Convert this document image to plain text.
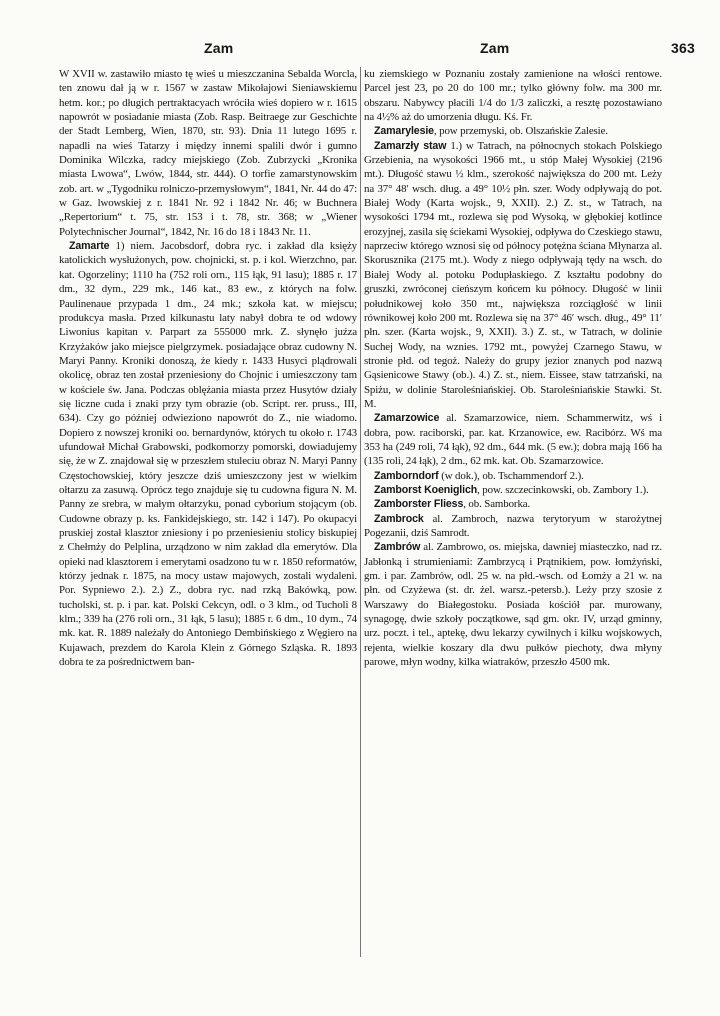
Zam	Zam	363

W XVII w. zastawiło miasto tę wieś u mieszczanina Sebalda Worcla, ten znowu dał ją w r. 1567 w zastaw Mikołajowi Sieniawskiemu hetm. kor.; po długich pertraktacyach wróciła wieś dopiero w r. 1615 napowrót w posiadanie miasta (Zob. Rasp. Beitraege zur Geschichte der Stadt Lemberg, Wien, 1870, str. 93). Dnia 11 lutego 1695 r. napadli na wieś Tatarzy i między innemi spalili dwór i gumno Dominika Wilczka, radcy miejskiego (Zob. Zubrzycki „Kronika miasta Lwowa“, Lwów, 1844, str. 444). O torfie zamarstynowskim zob. art. w „Tygodniku rolniczo-przemysłowym“, 1841, Nr. 44 do 47: w Gaz. lwowskiej z r. 1841 Nr. 92 i 1842 Nr. 46; w Buchnera „Repertorium“ t. 75, str. 153 i t. 78, str. 368; w „Wiener Polytechnischer Journal“, 1842, Nr. 16 do 18 i 1843 Nr. 11.

Zamarte 1) niem. Jacobsdorf, dobra ryc. i zakład dla księży katolickich wysłużonych, pow. chojnicki, st. p. i kol. Wierzchno, par. kat. Ogorzeliny; 1110 ha (752 roli orn., 115 łąk, 91 lasu); 1885 r. 17 dm., 32 dym., 229 mk., 146 kat., 83 ew., z których na folw. Paulinenaue przypada 1 dm., 24 mk.; szkoła kat. w miejscu; produkcya masła. Przed kilkunastu laty nabył dobra te od wdowy Liwonius kapitan v. Parpart za 555000 mrk. Z. słynęło juźza Krzyżaków jako miejsce pielgrzymek. posiadające obraz cudowny N. Maryi Panny. Kroniki donoszą, że kiedy r. 1433 Husyci plądrowali okolicę, obraz ten został przeniesiony do Chojnic i umieszczony tam w kościele św. Jana. Podczas oblężania miasta przez Husytów działy się liczne cuda i znaki przy tym obrazie (ob. Script. rer. pruss., III, 634). Czy go później odwieziono napowrót do Z., nie wiadomo. Dopiero z nowszej kroniki oo. bernardynów, których tu około r. 1743 ufundował Michał Grabowski, podkomorzy pomorski, dowiadujemy się, że w Z. znajdował się w przeszłem stuleciu obraz N. Maryi Panny Częstochowskiej, który jeszcze dziś umieszczony jest w wielkim ołtarzu za zasuwą. Oprócz tego znajduje się tu cudowna figura N. M. Panny ze srebra, w małym ołtarzyku, ponad cyborium stojącym (ob. Cudowne obrazy p. ks. Fankidejskiego, str. 142 i 147). Po okupacyi pruskiej został klasztor zniesiony i po przeniesieniu stolicy biskupiej z Chełmży do Pelplina, urządzono w nim zakład dla emerytów. Dla opieki nad klasztorem i emerytami osadzono tu w r. 1850 reformatów, którzy jednak r. 1875, na mocy ustaw majowych, zostali wydaleni. Por. Sypniewo 2.). 2.) Z., dobra ryc. nad rzką Bakówką, pow. tucholski, st. p. i par. kat. Polski Cekcyn, odl. o 3 klm., od Tucholi 8 klm.; 339 ha (276 roli orn., 31 łąk, 5 lasu); 1885 r. 6 dm., 10 dym., 74 mk. kat. R. 1889 należały do Antoniego Dembińskiego z Węgiero na Kujawach, prezdem do Karola Klein z Górnego Szląska. R. 1893 dobra te za pośrednictwem ban-

ku ziemskiego w Poznaniu zostały zamienione na włości rentowe. Parcel jest 23, po 20 do 100 mr.; tylko główny folw. ma 300 mr. obszaru. Nabywcy płacili 1/4 do 1/3 zaliczki, a resztę pozostawiano na 4½% aż do umorzenia długu. Kś. Fr.

Zamarylesie, pow przemyski, ob. Olszańskie Zalesie.

Zamarzły staw 1.) w Tatrach, na północnych stokach Polskiego Grzebienia, na wysokości 1966 mt., u stóp Małej Wysokiej (2196 mt.). Długość stawu ½ klm., szerokość największa do 200 mt. Leży na 37° 48′ wsch. dług. a 49° 10½ płn. szer. Wody odpływają do pot. Białej Wody (Karta wojsk., 9, XXII). 2.) Z. st., w Tatrach, na wysokości 1794 mt., rozlewa się pod Wysoką, w głębokiej kotlince erozyjnej, zasila się ściekami Wysokiej, odpływa do Czeskiego stawu, naprzeciw którego wznosi się od północy potężna ściana Młynarza al. Skorusznika (2175 mt.). Wody z niego odpływają tędy na wsch. do Białej Wody al. potoku Podupłaskiego. Z kształtu podobny do gruszki, zwróconej cieńszym końcem ku północy. Długość w linii południkowej koło 350 mt., największa rozciągłość w linii równikowej koło 200 mt. Rozlewa się na 37° 46′ wsch. dług., 49° 11′ płn. szer. (Karta wojsk., 9, XXII). 3.) Z. st., w Tatrach, w dolinie Suchej Wody, na wznies. 1792 mt., powyżej Czarnego Stawu, w stronie płd. od tegoż. Należy do grupy jezior znanych pod nazwą Gąsienicowe Stawy (ob.). 4.) Z. st., niem. Eissee, staw tatrzański, na Spiżu, w dolinie Staroleśniańskiej. Ob. Staroleśniańskie Stawki. St. M.

Zamarzowice al. Szamarzowice, niem. Schammerwitz, wś i dobra, pow. raciborski, par. kat. Krzanowice, ew. Racibórz. Wś ma 353 ha (249 roli, 74 łąk), 92 dm., 644 mk. (5 ew.); dobra mają 166 ha (135 roli, 24 łąk), 2 dm., 62 mk. kat. Ob. Szamarzowice.

Zamborndorf (w dok.), ob. Tschammendorf 2.).

Zamborst Koeniglich, pow. szczecinkowski, ob. Zambory 1.).

Zamborster Fliess, ob. Samborka.

Zambrock al. Zambroch, nazwa terytoryum w starożytnej Pogezanii, dziś Samrodt.

Zambrów al. Zambrowo, os. miejska, dawniej miasteczko, nad rz. Jabłonką i strumieniami: Zambrzycą i Prątnikiem, pow. łomżyński, gm. i par. Zambrów, odl. 25 w. na płd.-wsch. od Łomży a 21 w. na płn. od Czyżewa (st. dr. żel. warsz.-petersb.). Leży przy szosie z Warszawy do Białegostoku. Posiada kościół par. murowany, synagogę, dwie szkoły początkowe, sąd gm. okr. IV, urząd gminny, urz. poczt. i tel., aptekę, dwu lekarzy cywilnych i kilku wojskowych, rejenta, wielkie koszary dla dwu pułków piechoty, dwa młyny parowe, młyn wodny, kilka wiatraków, przeszło 4500 mk.
